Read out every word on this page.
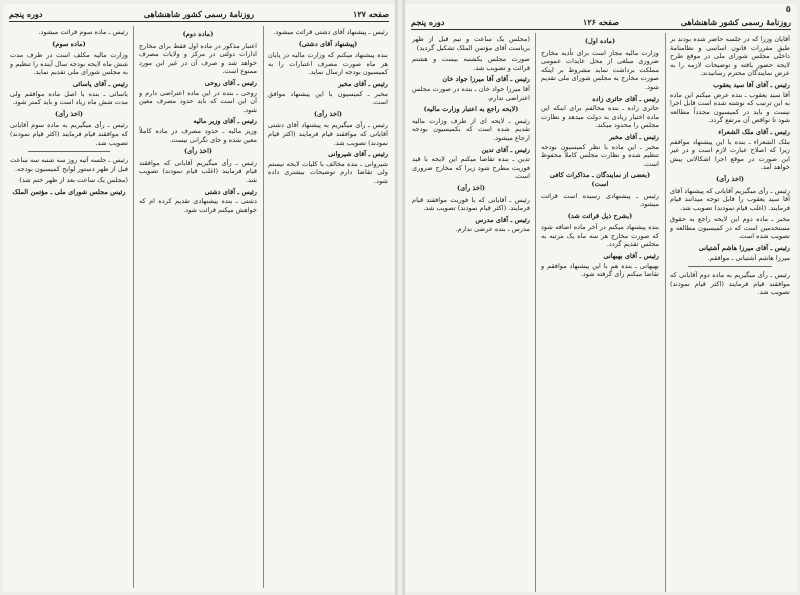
دوره پنجم	روزنامهٔ رسمی کشور شاهنشاهی	صفحه ۱۲۷

رئیس ـ ماده سوم قرائت میشود.

(ماده سوم)

وزارت مالیه مکلف است در ظرف مدت شش ماه لایحه بودجه سال آینده را تنظیم و به مجلس شورای ملی تقدیم نماید.

رئیس ـ آقای یاسائی

یاسائی ـ بنده با اصل ماده موافقم ولی مدت شش ماه زیاد است و باید کمتر شود.

(اخذ رأی)

رئیس ـ رأی میگیریم به ماده سوم آقایانی که موافقند قیام فرمایند (اکثر قیام نمودند) تصویب شد.

رئیس ـ جلسه آتیه روز سه شنبه سه ساعت قبل از ظهر دستور لوایح کمیسیون بودجه.

(مجلس یک ساعت بعد از ظهر ختم شد)

رئیس مجلس شورای ملی ـ مؤتمن الملک

(ماده دوم)

اعتبار مذکور در ماده اول فقط برای مخارج ادارات دولتی در مرکز و ولایات مصرف خواهد شد و صرف آن در غیر این مورد ممنوع است.

رئیس ـ آقای روحی

روحی ـ بنده در این ماده اعتراضی دارم و آن این است که باید حدود مصرف معین شود.

رئیس ـ آقای وزیر مالیه

وزیر مالیه ـ حدود مصرف در ماده کاملاً معین شده و جای نگرانی نیست.

(اخذ رأی)

رئیس ـ رأی میگیریم آقایانی که موافقند قیام فرمایند (اغلب قیام نمودند) تصویب شد.

رئیس ـ آقای دشتی

دشتی ـ بنده پیشنهادی تقدیم کرده ام که خواهش میکنم قرائت شود.

رئیس ـ پیشنهاد آقای دشتی قرائت میشود.

(پیشنهاد آقای دشتی)

بنده پیشنهاد میکنم که وزارت مالیه در پایان هر ماه صورت مصرف اعتبارات را به کمیسیون بودجه ارسال نماید.

رئیس ـ آقای مخبر

مخبر ـ کمیسیون با این پیشنهاد موافق است.

(اخذ رأی)

رئیس ـ رأی میگیریم به پیشنهاد آقای دشتی آقایانی که موافقند قیام فرمایند (اکثر قیام نمودند) تصویب شد.

رئیس ـ آقای شیروانی

شیروانی ـ بنده مخالف با کلیات لایحه نیستم ولی تقاضا دارم توضیحات بیشتری داده شود.

٥
دوره پنجم	صفحه ۱۲۶	روزنامهٔ رسمی کشور شاهنشاهی

(مجلس یک ساعت و نیم قبل از ظهر بریاست آقای مؤتمن الملک تشکیل گردید)

صورت مجلس یکشنبه بیست و هشتم قرائت و تصویب شد.

رئیس ـ آقای آقا میرزا جواد خان

آقا میرزا جواد خان ـ بنده در صورت مجلس اعتراضی ندارم.

(لایحه راجع به اعتبار وزارت مالیه)

رئیس ـ لایحه ای از طرف وزارت مالیه تقدیم شده است که بکمیسیون بودجه ارجاع میشود.

رئیس ـ آقای تدین

تدین ـ بنده تقاضا میکنم این لایحه با قید فوریت مطرح شود زیرا که مخارج ضروری است.

(اخذ رأی)

رئیس ـ آقایانی که با فوریت موافقند قیام فرمایند. (اکثر قیام نمودند) تصویب شد.

رئیس ـ آقای مدرس

مدرس ـ بنده عرضی ندارم.

(ماده اول)

وزارت مالیه مجاز است برای تأدیه مخارج ضروری مبلغی از محل عایدات عمومی مملکت برداشت نماید مشروط بر اینکه صورت مخارج به مجلس شورای ملی تقدیم شود.

رئیس ـ آقای حائری زاده

حائری زاده ـ بنده مخالفم برای اینکه این ماده اختیار زیادی به دولت میدهد و نظارت مجلس را محدود میکند.

رئیس ـ آقای مخبر

مخبر ـ این ماده با نظر کمیسیون بودجه تنظیم شده و نظارت مجلس کاملاً محفوظ است.

(بعضی از نمایندگان ـ مذاکرات کافی است)

رئیس ـ پیشنهادی رسیده است قرائت میشود.

(بشرح ذیل قرائت شد)

بنده پیشنهاد میکنم در آخر ماده اضافه شود که صورت مخارج هر سه ماه یک مرتبه به مجلس تقدیم گردد.

رئیس ـ آقای بهبهانی

بهبهانی ـ بنده هم با این پیشنهاد موافقم و تقاضا میکنم رأی گرفته شود.

آقایان وزرا که در جلسه حاضر شده بودند بر طبق مقررات قانون اساسی و نظامنامهٔ داخلی مجلس شورای ملی در موقع طرح لایحه حضور یافته و توضیحات لازمه را به عرض نمایندگان محترم رسانیدند.

رئیس ـ آقای آقا سید یعقوب

آقا سید یعقوب ـ بنده عرض میکنم این ماده به این ترتیب که نوشته شده است قابل اجرا نیست و باید در کمیسیون مجدداً مطالعه شود تا نواقص آن مرتفع گردد.

رئیس ـ آقای ملک الشعراء

ملک الشعراء ـ بنده با این پیشنهاد موافقم زیرا که اصلاح عبارت لازم است و در غیر این صورت در موقع اجرا اشکالاتی پیش خواهد آمد.

(اخذ رأی)

رئیس ـ رأی میگیریم آقایانی که پیشنهاد آقای آقا سید یعقوب را قابل توجه میدانند قیام فرمایند. (اغلب قیام نمودند) تصویب شد.

مخبر ـ ماده دوم این لایحه راجع به حقوق مستخدمین است که در کمیسیون مطالعه و تصویب شده است.

رئیس ـ آقای میرزا هاشم آشتیانی

میرزا هاشم آشتیانی ـ موافقم.

رئیس ـ رأی میگیریم به ماده دوم آقایانی که موافقند قیام فرمایند (اکثر قیام نمودند) تصویب شد.
